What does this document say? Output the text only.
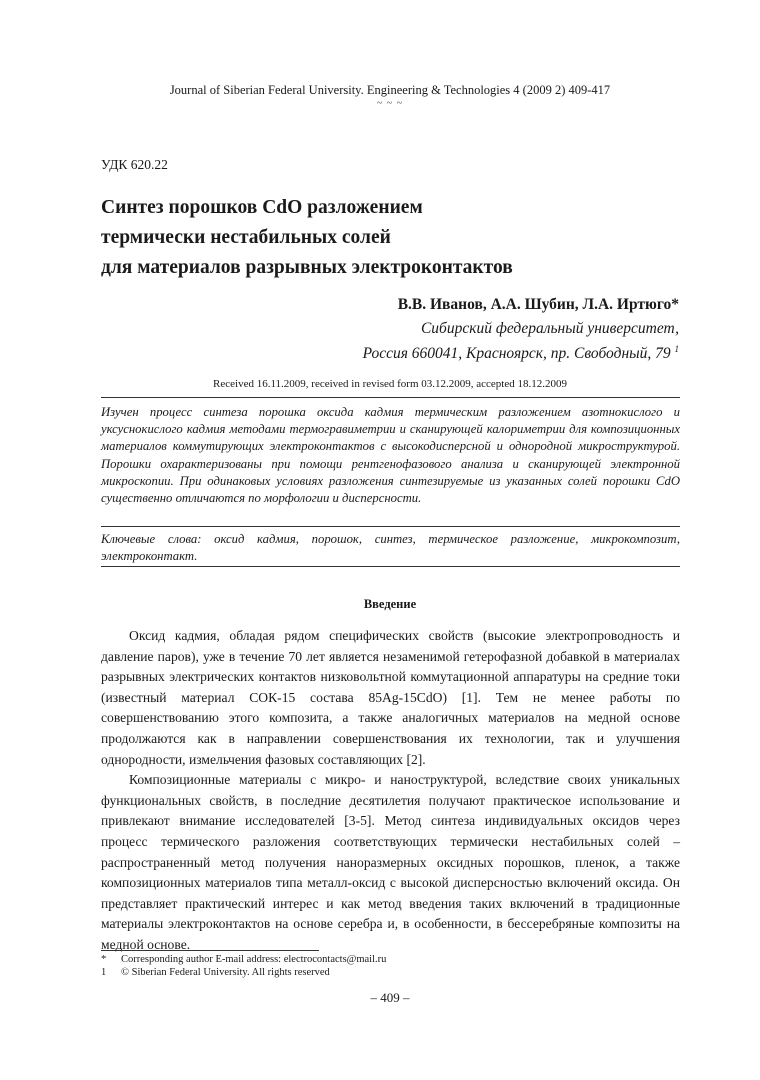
Journal of Siberian Federal University. Engineering & Technologies 4 (2009 2) 409-417
~ ~ ~
УДК 620.22
Синтез порошков CdO разложением
термически нестабильных солей
для материалов разрывных электроконтактов
В.В. Иванов, А.А. Шубин, Л.А. Иртюго*
Сибирский федеральный университет,
Россия 660041, Красноярск, пр. Свободный, 79 $^1$
Received 16.11.2009, received in revised form 03.12.2009, accepted 18.12.2009
Изучен процесс синтеза порошка оксида кадмия термическим разложением азотнокислого и уксуснокислого кадмия методами термогравиметрии и сканирующей калориметрии для композиционных материалов коммутирующих электроконтактов с высокодисперсной и однородной микроструктурой. Порошки охарактеризованы при помощи рентгенофазового анализа и сканирующей электронной микроскопии. При одинаковых условиях разложения синтезируемые из указанных солей порошки CdO существенно отличаются по морфологии и дисперсности.
Ключевые слова: оксид кадмия, порошок, синтез, термическое разложение, микрокомпозит, электроконтакт.
Введение

Оксид кадмия, обладая рядом специфических свойств (высокие электропроводность и давление паров), уже в течение 70 лет является незаменимой гетерофазной добавкой в материалах разрывных электрических контактов низковольтной коммутационной аппаратуры на средние токи (известный материал СОК-15 состава 85Ag-15CdO) [1]. Тем не менее работы по совершенствованию этого композита, а также аналогичных материалов на медной основе продолжаются как в направлении совершенствования их технологии, так и улучшения однородности, измельчения фазовых составляющих [2].

Композиционные материалы с микро- и наноструктурой, вследствие своих уникальных функциональных свойств, в последние десятилетия получают практическое использование и привлекают внимание исследователей [3-5]. Метод синтеза индивидуальных оксидов через процесс термического разложения соответствующих термически нестабильных солей – распространенный метод получения наноразмерных оксидных порошков, пленок, а также композиционных материалов типа металл-оксид с высокой дисперсностью включений оксида. Он представляет практический интерес и как метод введения таких включений в традиционные материалы электроконтактов на основе серебра и, в особенности, в бессеребряные композиты на медной основе.

* Corresponding author E-mail address: electrocontacts@mail.ru
1 © Siberian Federal University. All rights reserved
– 409 –
